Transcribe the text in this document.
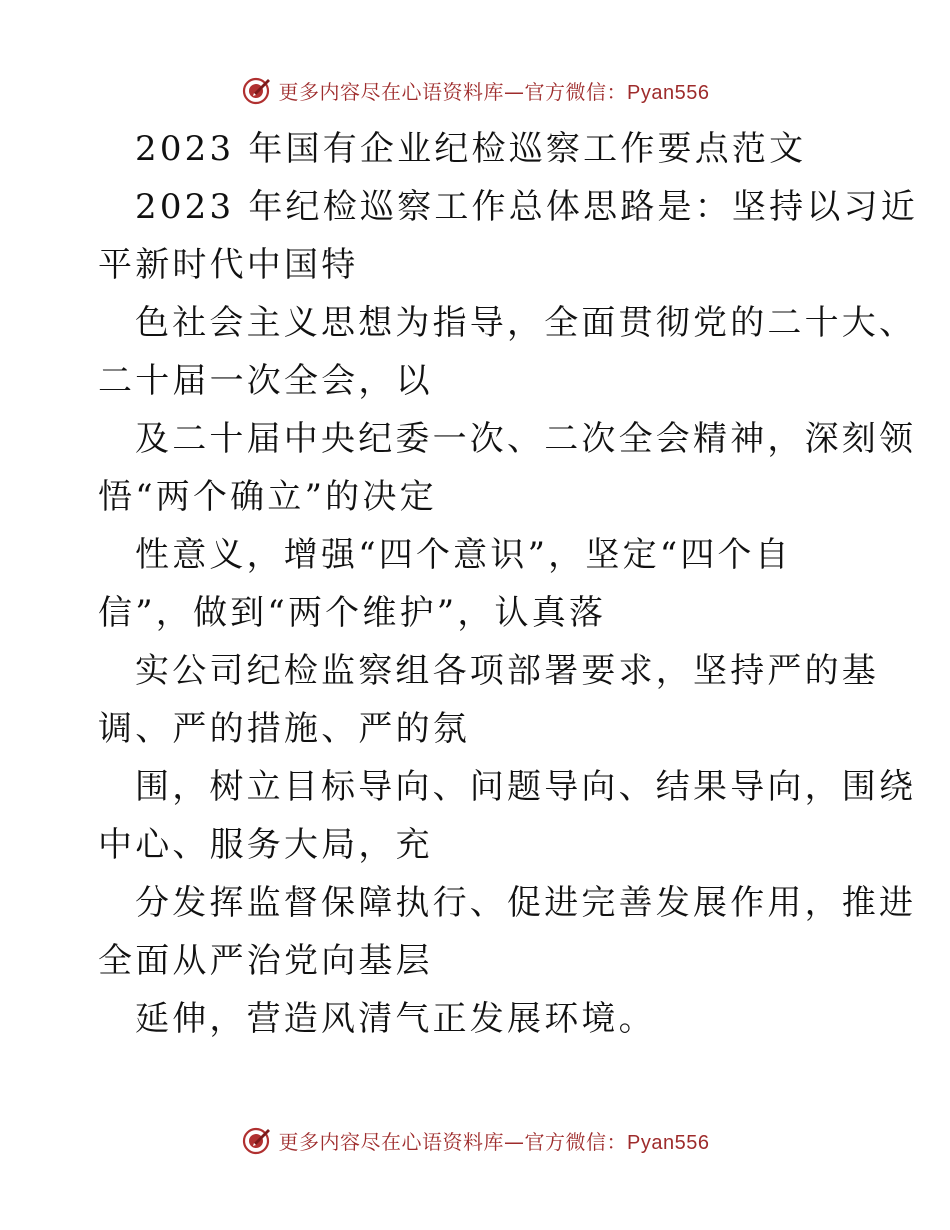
更多内容尽在心语资料库—官方微信：Pyan556
2023 年国有企业纪检巡察工作要点范文
2023 年纪检巡察工作总体思路是：坚持以习近
平新时代中国特
色社会主义思想为指导，全面贯彻党的二十大、
二十届一次全会，以
及二十届中央纪委一次、二次全会精神，深刻领
悟“两个确立”的决定
性意义，增强“四个意识”，坚定“四个自
信”，做到“两个维护”，认真落
实公司纪检监察组各项部署要求，坚持严的基
调、严的措施、严的氛
围，树立目标导向、问题导向、结果导向，围绕
中心、服务大局，充
分发挥监督保障执行、促进完善发展作用，推进
全面从严治党向基层
延伸，营造风清气正发展环境。
更多内容尽在心语资料库—官方微信：Pyan556
